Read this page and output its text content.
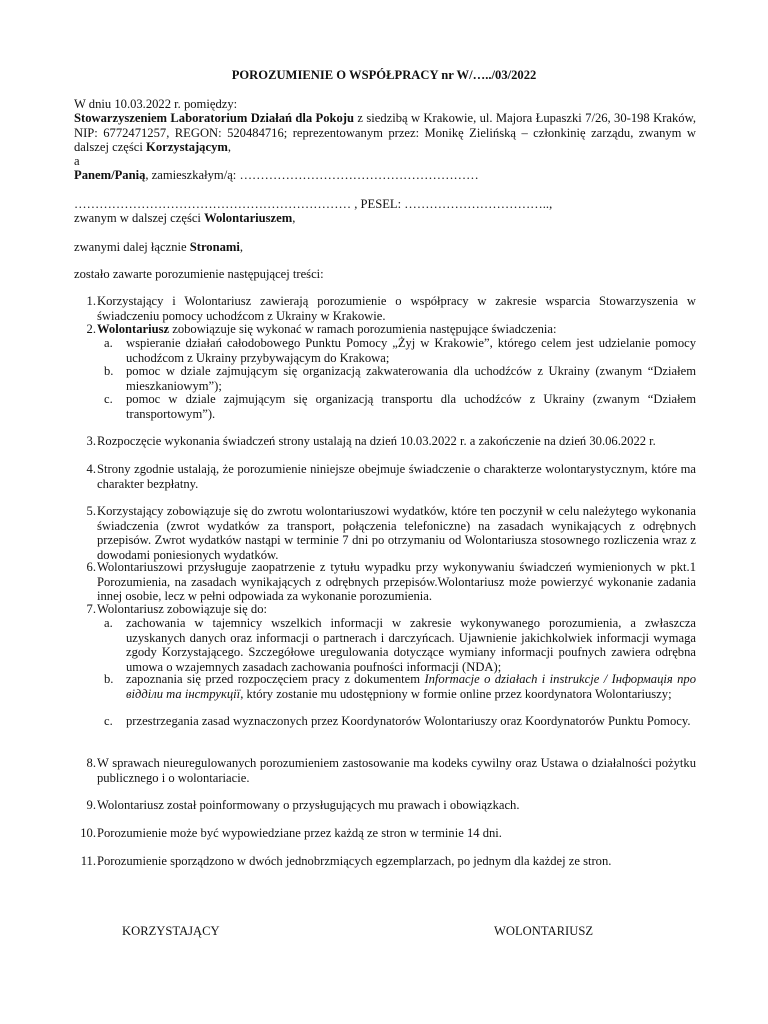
POROZUMIENIE O WSPÓŁPRACY nr W/…../03/2022
W dniu 10.03.2022 r. pomiędzy:
Stowarzyszeniem Laboratorium Działań dla Pokoju z siedzibą w Krakowie, ul. Majora Łupaszki 7/26, 30-198 Kraków, NIP: 6772471257, REGON: 520484716; reprezentowanym przez: Monikę Zielińską – członkinię zarządu, zwanym w dalszej części Korzystającym,
a
Panem/Panią, zamieszkałym/ą: …………………………………………………
………………………………………………………… , PESEL: ……………………………..,
zwanym w dalszej części Wolontariuszem,
zwanymi dalej łącznie Stronami,
zostało zawarte porozumienie następującej treści:
1. Korzystający i Wolontariusz zawierają porozumienie o współpracy w zakresie wsparcia Stowarzyszenia w świadczeniu pomocy uchodźcom z Ukrainy w Krakowie.
2. Wolontariusz zobowiązuje się wykonać w ramach porozumienia następujące świadczenia:
a.	wspieranie działań całodobowego Punktu Pomocy „Żyj w Krakowie”, którego celem jest udzielanie pomocy uchodźcom z Ukrainy przybywającym do Krakowa;
b. pomoc w dziale zajmującym się organizacją zakwaterowania dla uchodźców z Ukrainy (zwanym “Działem mieszkaniowym”);
c.	pomoc w dziale zajmującym się organizacją transportu dla uchodźców z Ukrainy (zwanym “Działem transportowym”).
3. Rozpoczęcie wykonania świadczeń strony ustalają na dzień 10.03.2022 r. a zakończenie na dzień 30.06.2022 r.
4. Strony zgodnie ustalają, że porozumienie niniejsze obejmuje świadczenie o charakterze wolontarystycznym, które ma charakter bezpłatny.
5. Korzystający zobowiązuje się do zwrotu wolontariuszowi wydatków, które ten poczynił w celu należytego wykonania świadczenia (zwrot wydatków za transport, połączenia telefoniczne) na zasadach wynikających z odrębnych przepisów. Zwrot wydatków nastąpi w terminie 7 dni po otrzymaniu od Wolontariusza stosownego rozliczenia wraz z dowodami poniesionych wydatków.
6. Wolontariuszowi przysługuje zaopatrzenie z tytułu wypadku przy wykonywaniu świadczeń wymienionych w pkt.1 Porozumienia, na zasadach wynikających z odrębnych przepisów.Wolontariusz może powierzyć wykonanie zadania innej osobie, lecz w pełni odpowiada za wykonanie porozumienia.
7. Wolontariusz zobowiązuje się do:
a.	zachowania w tajemnicy wszelkich informacji w zakresie wykonywanego porozumienia, a zwłaszcza uzyskanych danych oraz informacji o partnerach i darczyńcach. Ujawnienie jakichkolwiek informacji wymaga zgody Korzystającego. Szczegółowe uregulowania dotyczące wymiany informacji poufnych zawiera odrębna umowa o wzajemnych zasadach zachowania poufności informacji (NDA);
b. zapoznania się przed rozpoczęciem pracy z dokumentem Informacje o działach i instrukcje / Інформація про відділи та інструкції, który zostanie mu udostępniony w formie online przez koordynatora Wolontariuszy;
c.	przestrzegania zasad wyznaczonych przez Koordynatorów Wolontariuszy oraz Koordynatorów Punktu Pomocy.
8. W sprawach nieuregulowanych porozumieniem zastosowanie ma kodeks cywilny oraz Ustawa o działalności pożytku publicznego i o wolontariacie.
9. Wolontariusz został poinformowany o przysługujących mu prawach i obowiązkach.
10. Porozumienie może być wypowiedziane przez każdą ze stron w terminie 14 dni.
11. Porozumienie sporządzono w dwóch jednobrzmiących egzemplarzach, po jednym dla każdej ze stron.
KORZYSTAJĄCY	WOLONTARIUSZ
